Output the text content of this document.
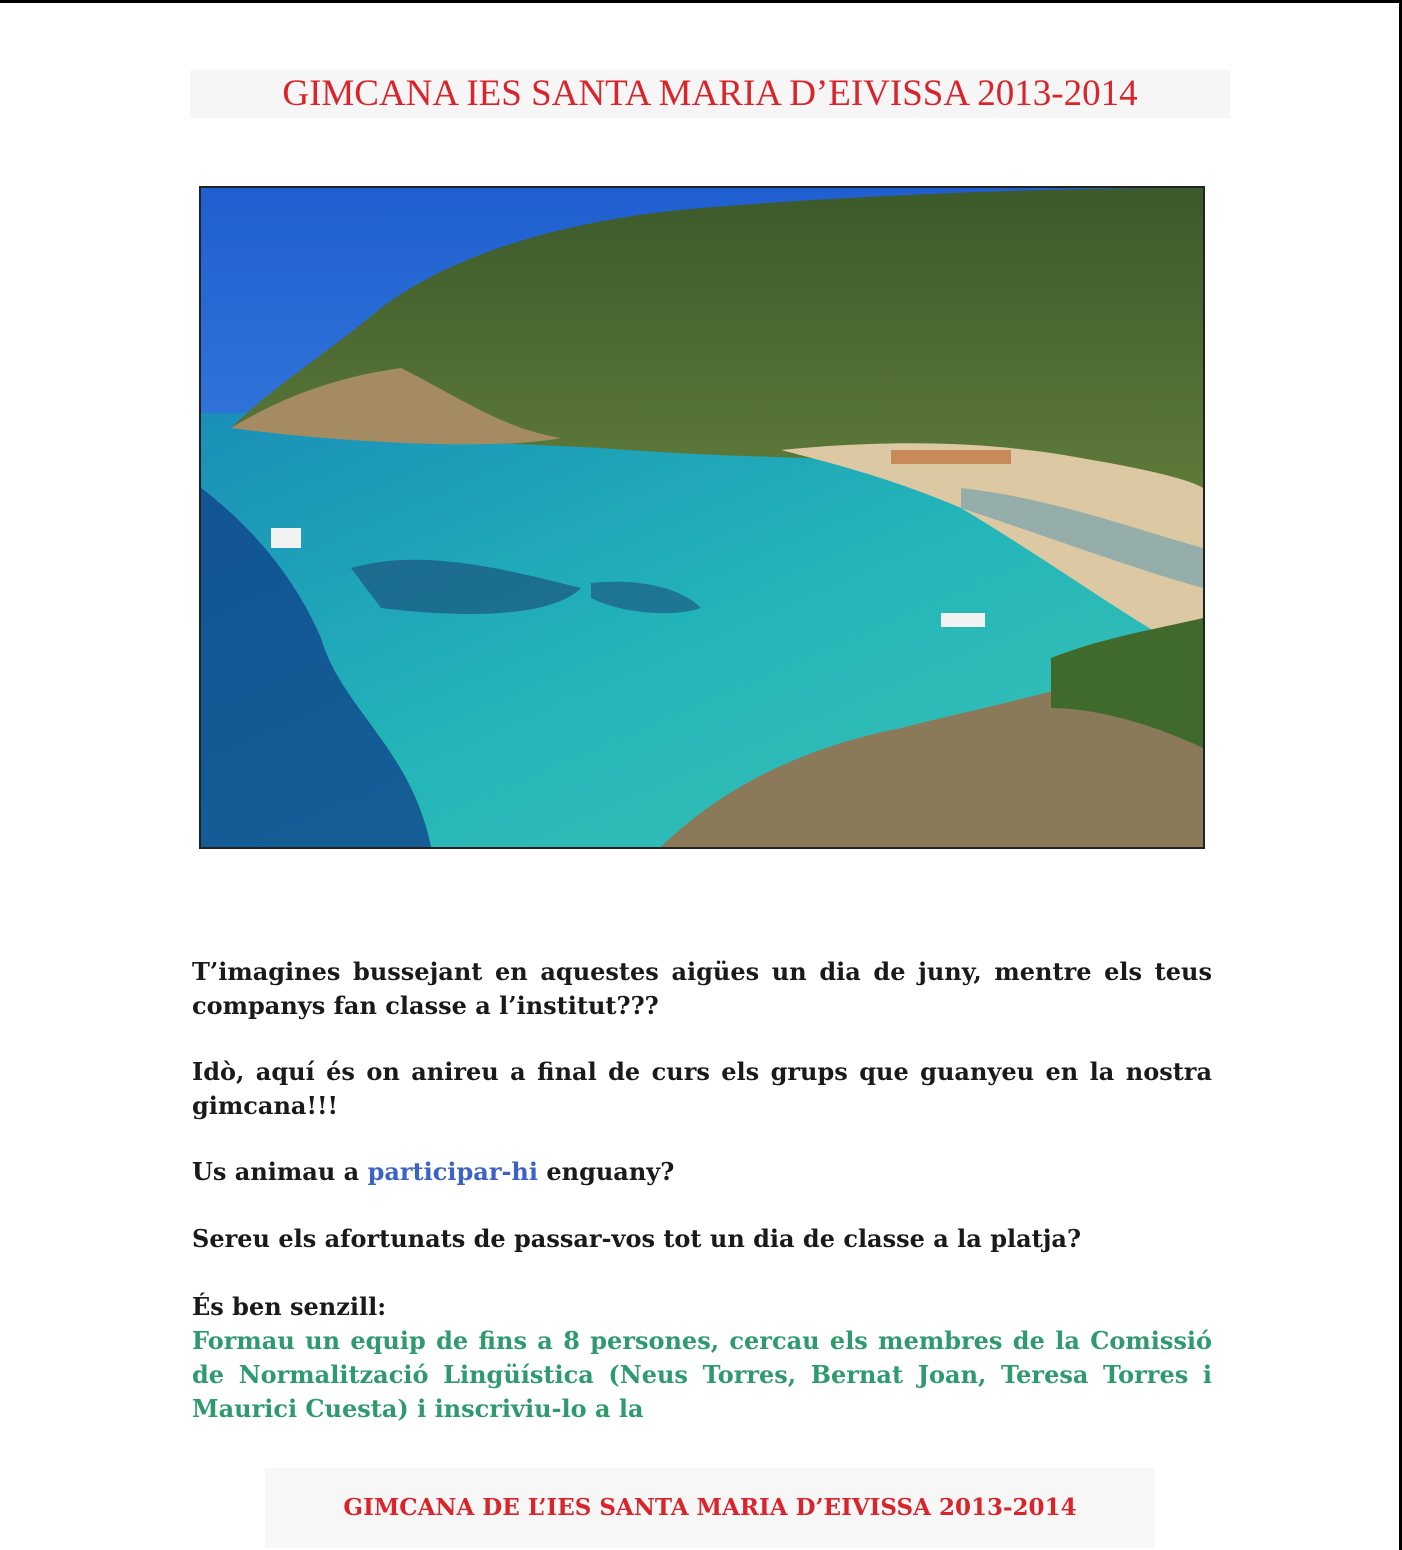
GIMCANA IES SANTA MARIA D’EIVISSA 2013-2014

T’imagines bussejant en aquestes aigües un dia de juny, mentre els teus companys fan classe a l’institut???

Idò, aquí és on anireu a final de curs els grups que guanyeu en la nostra gimcana!!!

Us animau a participar-hi enguany?

Sereu els afortunats de passar-vos tot un dia de classe a la platja?

És ben senzill:

Formau un equip de fins a 8 persones, cercau els membres de la Comissió de Normalització Lingüística (Neus Torres, Bernat Joan, Teresa Torres i Maurici Cuesta) i inscriviu-lo a la

GIMCANA DE L’IES SANTA MARIA D’EIVISSA 2013-2014
